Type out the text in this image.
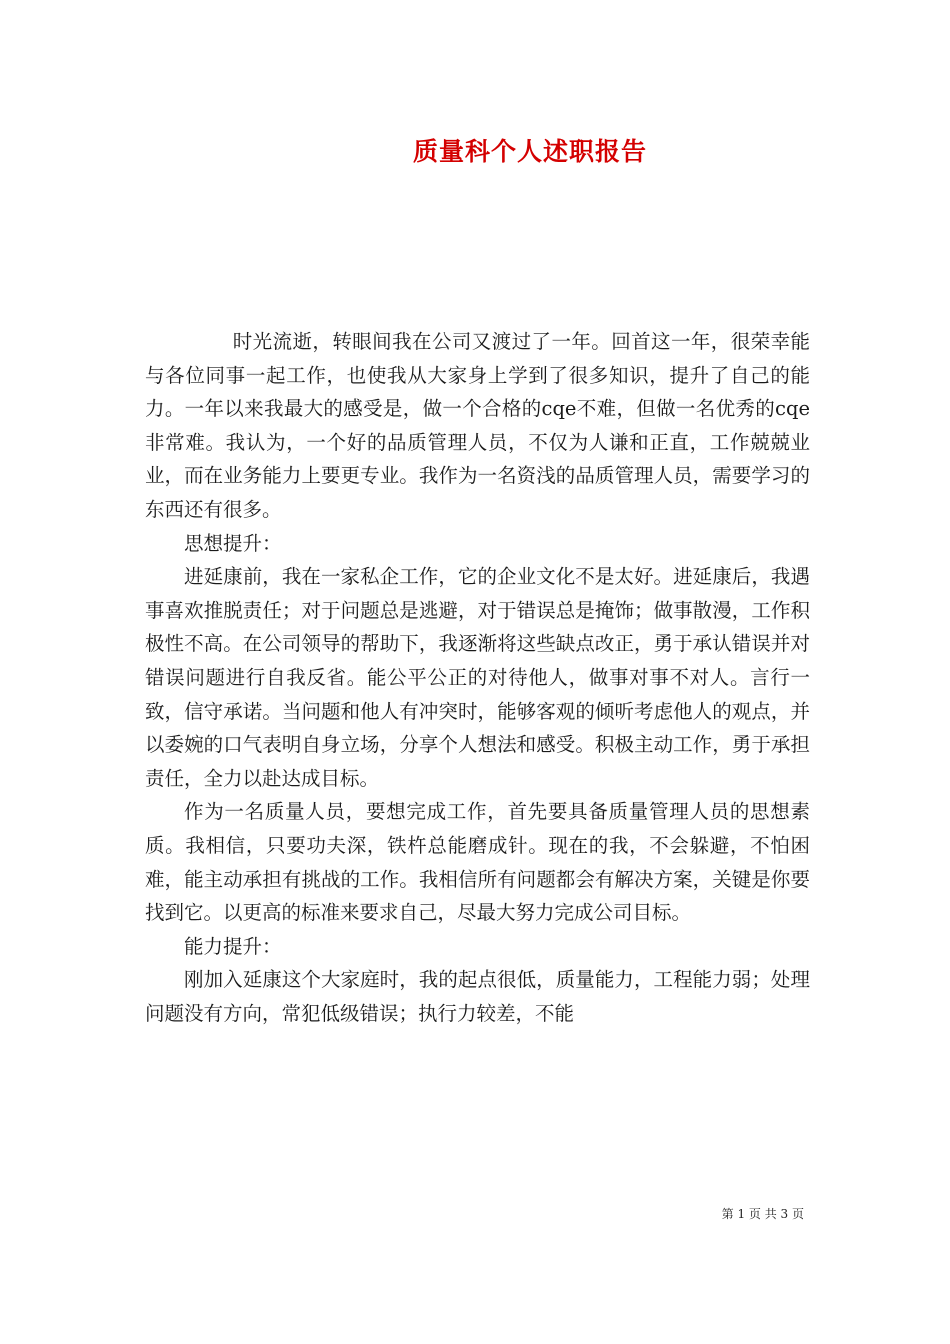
质量科个人述职报告

时光流逝，转眼间我在公司又渡过了一年。回首这一年，很荣幸能与各位同事一起工作，也使我从大家身上学到了很多知识，提升了自己的能力。一年以来我最大的感受是，做一个合格的cqe不难，但做一名优秀的cqe非常难。我认为，一个好的品质管理人员，不仅为人谦和正直，工作兢兢业业，而在业务能力上要更专业。我作为一名资浅的品质管理人员，需要学习的东西还有很多。

思想提升：

进延康前，我在一家私企工作，它的企业文化不是太好。进延康后，我遇事喜欢推脱责任；对于问题总是逃避，对于错误总是掩饰；做事散漫，工作积极性不高。在公司领导的帮助下，我逐渐将这些缺点改正，勇于承认错误并对错误问题进行自我反省。能公平公正的对待他人，做事对事不对人。言行一致，信守承诺。当问题和他人有冲突时，能够客观的倾听考虑他人的观点，并以委婉的口气表明自身立场，分享个人想法和感受。积极主动工作，勇于承担责任，全力以赴达成目标。

作为一名质量人员，要想完成工作，首先要具备质量管理人员的思想素质。我相信，只要功夫深，铁杵总能磨成针。现在的我，不会躲避，不怕困难，能主动承担有挑战的工作。我相信所有问题都会有解决方案，关键是你要找到它。以更高的标准来要求自己，尽最大努力完成公司目标。

能力提升：

刚加入延康这个大家庭时，我的起点很低，质量能力，工程能力弱；处理问题没有方向，常犯低级错误；执行力较差，不能

第 1 页 共 3 页
